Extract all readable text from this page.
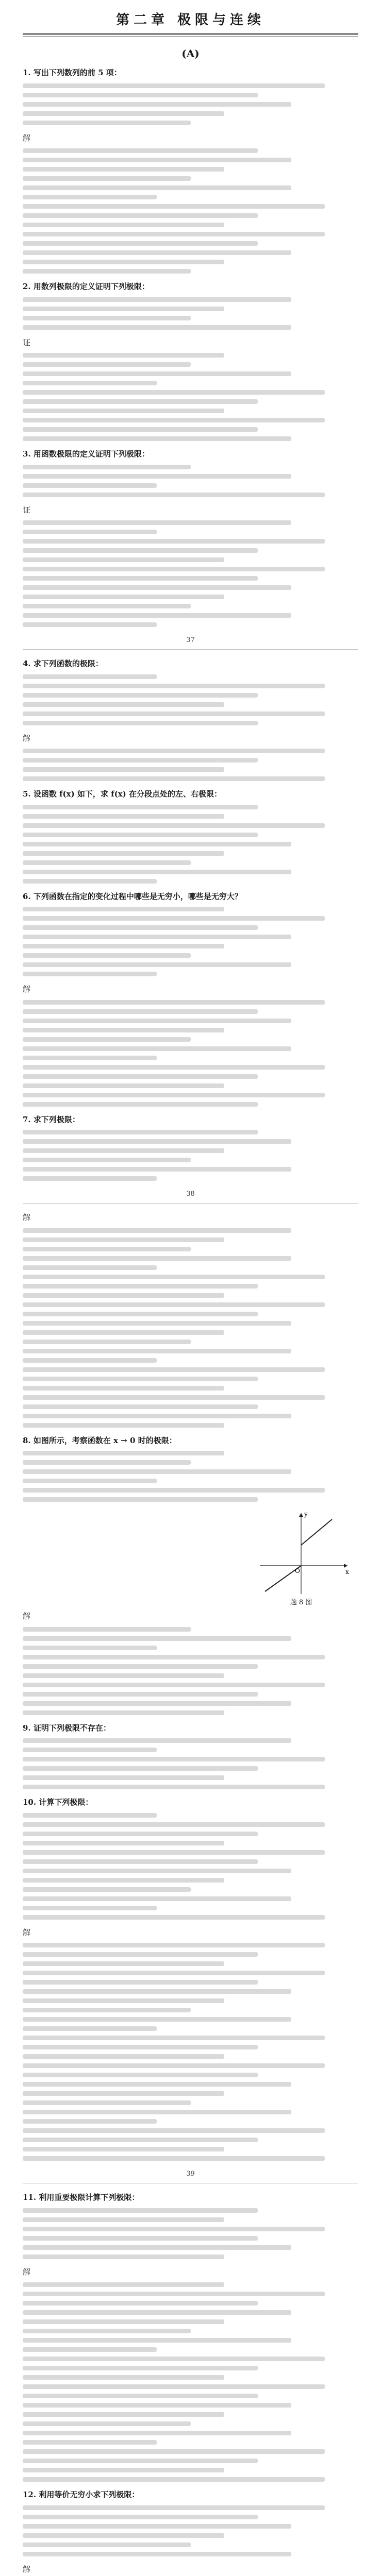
第二章 极限与连续
(A)
1. 写出下列数列的前 5 项：
解
2. 用数列极限的定义证明下列极限：
证
3. 用函数极限的定义证明下列极限：
证
37
4. 求下列函数的极限：
解
5. 设函数 f(x) 如下，求 f(x) 在分段点处的左、右极限：
6. 下列函数在指定的变化过程中哪些是无穷小，哪些是无穷大？
解
7. 求下列极限：
38
解
8. 如图所示，考察函数在 x → 0 时的极限：
x
y
O
题 8 图
解
9. 证明下列极限不存在：
10. 计算下列极限：
解
39
11. 利用重要极限计算下列极限：
解
12. 利用等价无穷小求下列极限：
解
